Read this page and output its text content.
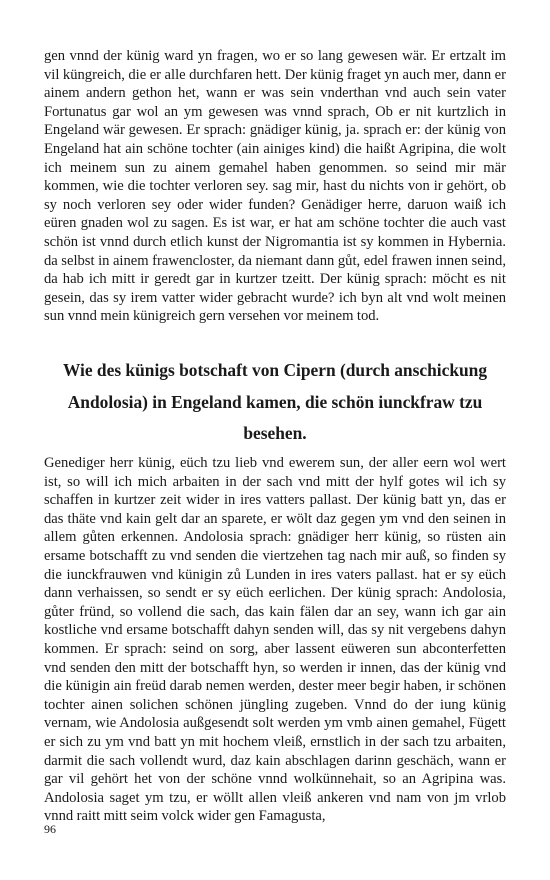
gen vnnd der künig ward yn fragen, wo er so lang gewesen wär. Er ertzalt im vil küngreich, die er alle durchfaren hett. Der künig fraget yn auch mer, dann er ainem andern gethon het, wann er was sein vnderthan vnd auch sein vater Fortunatus gar wol an ym gewesen was vnnd sprach, Ob er nit kurtzlich in Engeland wär gewesen. Er sprach: gnädiger künig, ja. sprach er: der künig von Engeland hat ain schöne tochter (ain ainiges kind) die haißt Agripina, die wolt ich meinem sun zu ainem gemahel haben genommen. so seind mir mär kommen, wie die tochter verloren sey. sag mir, hast du nichts von ir gehört, ob sy noch verloren sey oder wider funden? Genädiger herre, daruon waiß ich eüren gnaden wol zu sagen. Es ist war, er hat am schöne tochter die auch vast schön ist vnnd durch etlich kunst der Nigromantia ist sy kommen in Hybernia. da selbst in ainem frawencloster, da niemant dann gůt, edel frawen innen seind, da hab ich mitt ir geredt gar in kurtzer tzeitt. Der künig sprach: möcht es nit gesein, das sy irem vatter wider gebracht wurde? ich byn alt vnd wolt meinen sun vnnd mein künigreich gern versehen vor meinem tod.

Wie des künigs botschaft von Cipern (durch anschickung Andolosia) in Engeland kamen, die schön iunckfraw tzu besehen.

Genediger herr künig, eüch tzu lieb vnd ewerem sun, der aller eern wol wert ist, so will ich mich arbaiten in der sach vnd mitt der hylf gotes wil ich sy schaffen in kurtzer zeit wider in ires vatters pallast. Der künig batt yn, das er das thäte vnd kain gelt dar an sparete, er wölt daz gegen ym vnd den seinen in allem gůten erkennen. Andolosia sprach: gnädiger herr künig, so rüsten ain ersame botschafft zu vnd senden die viertzehen tag nach mir auß, so finden sy die iunckfrauwen vnd künigin zů Lunden in ires vaters pallast. hat er sy eüch dann verhaissen, so sendt er sy eüch eerlichen. Der künig sprach: Andolosia, gůter fründ, so vollend die sach, das kain fälen dar an sey, wann ich gar ain kostliche vnd ersame botschafft dahyn senden will, das sy nit vergebens dahyn kommen. Er sprach: seind on sorg, aber lassent eüweren sun abconterfetten vnd senden den mitt der botschafft hyn, so werden ir innen, das der künig vnd die künigin ain freüd darab nemen werden, dester meer begir haben, ir schönen tochter ainen solichen schönen jüngling zugeben. Vnnd do der iung künig vernam, wie Andolosia außgesendt solt werden ym vmb ainen gemahel, Fügett er sich zu ym vnd batt yn mit hochem vleiß, ernstlich in der sach tzu arbaiten, darmit die sach vollendt wurd, daz kain abschlagen darinn geschäch, wann er gar vil gehört het von der schöne vnnd wolkünnehait, so an Agripina was. Andolosia saget ym tzu, er wöllt allen vleiß ankeren vnd nam von jm vrlob vnnd raitt mitt seim volck wider gen Famagusta,

96
